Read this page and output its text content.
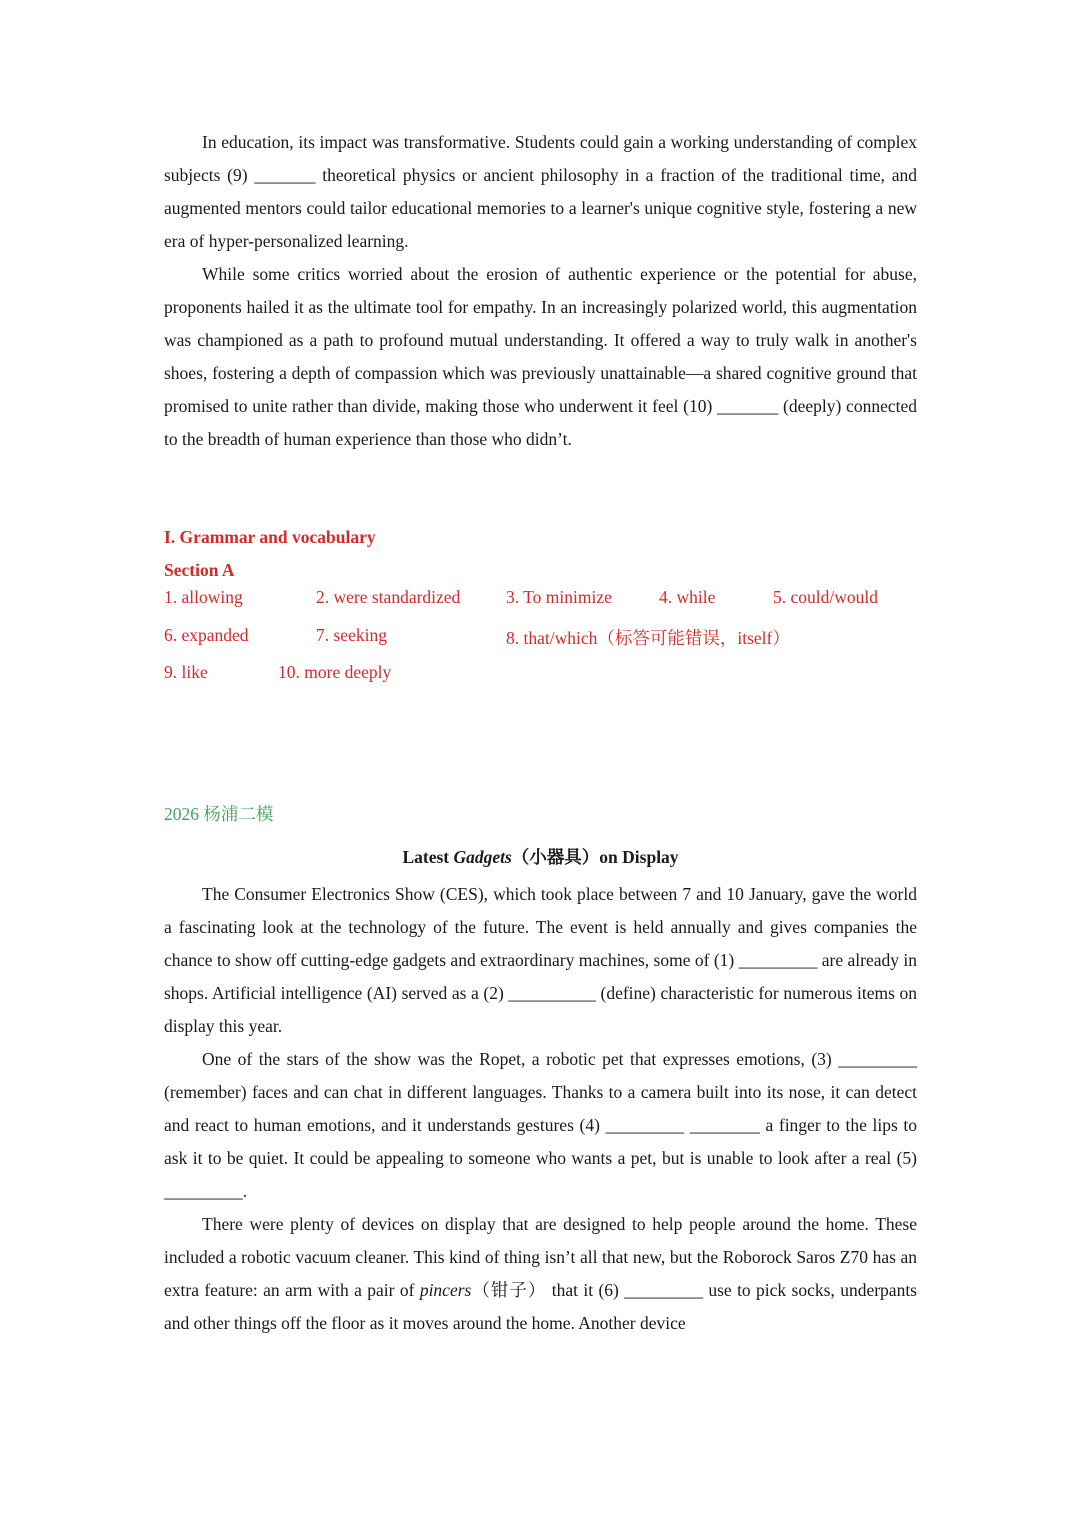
In education, its impact was transformative. Students could gain a working understanding of complex subjects (9) _______ theoretical physics or ancient philosophy in a fraction of the traditional time, and augmented mentors could tailor educational memories to a learner's unique cognitive style, fostering a new era of hyper-personalized learning.

While some critics worried about the erosion of authentic experience or the potential for abuse, proponents hailed it as the ultimate tool for empathy. In an increasingly polarized world, this augmentation was championed as a path to profound mutual understanding. It offered a way to truly walk in another's shoes, fostering a depth of compassion which was previously unattainable—a shared cognitive ground that promised to unite rather than divide, making those who underwent it feel (10) _______ (deeply) connected to the breadth of human experience than those who didn’t.

I. Grammar and vocabulary
Section A
1. allowing	2. were standardized	3. To minimize	4. while	5. could/would
6. expanded	7. seeking	8. that/which（标答可能错误，itself）
9. like	10. more deeply
2026 杨浦二模
Latest Gadgets（小器具）on Display

The Consumer Electronics Show (CES), which took place between 7 and 10 January, gave the world a fascinating look at the technology of the future. The event is held annually and gives companies the chance to show off cutting-edge gadgets and extraordinary machines, some of (1) _________ are already in shops. Artificial intelligence (AI) served as a (2) __________ (define) characteristic for numerous items on display this year.

One of the stars of the show was the Ropet, a robotic pet that expresses emotions, (3) _________ (remember) faces and can chat in different languages. Thanks to a camera built into its nose, it can detect and react to human emotions, and it understands gestures (4) _________ ________ a finger to the lips to ask it to be quiet. It could be appealing to someone who wants a pet, but is unable to look after a real (5) _________.

There were plenty of devices on display that are designed to help people around the home. These included a robotic vacuum cleaner. This kind of thing isn’t all that new, but the Roborock Saros Z70 has an extra feature: an arm with a pair of pincers（钳子） that it (6) _________ use to pick socks, underpants and other things off the floor as it moves around the home. Another device
